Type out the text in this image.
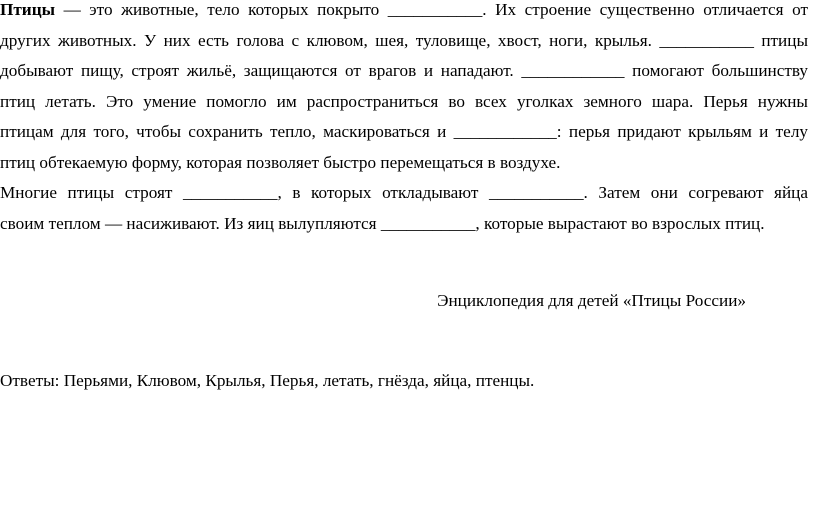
Птицы — это животные, тело которых покрыто ___________. Их строение существенно отличается от
других животных. У них есть голова с клювом, шея, туловище, хвост, ноги, крылья. ___________ птицы
добывают пищу, строят жильё, защищаются от врагов и нападают. ____________ помогают большинству
птиц летать. Это умение помогло им распространиться во всех уголках земного шара. Перья нужны
птицам для того, чтобы сохранить тепло, маскироваться и ____________: перья придают крыльям и телу
птиц обтекаемую форму, которая позволяет быстро перемещаться в воздухе.
Многие птицы строят ___________, в которых откладывают ___________. Затем они согревают яйца
своим теплом — насиживают. Из яиц вылупляются ___________, которые вырастают во взрослых птиц.
Энциклопедия для детей «Птицы России»
Ответы: Перьями, Клювом, Крылья, Перья, летать, гнёзда, яйца, птенцы.
